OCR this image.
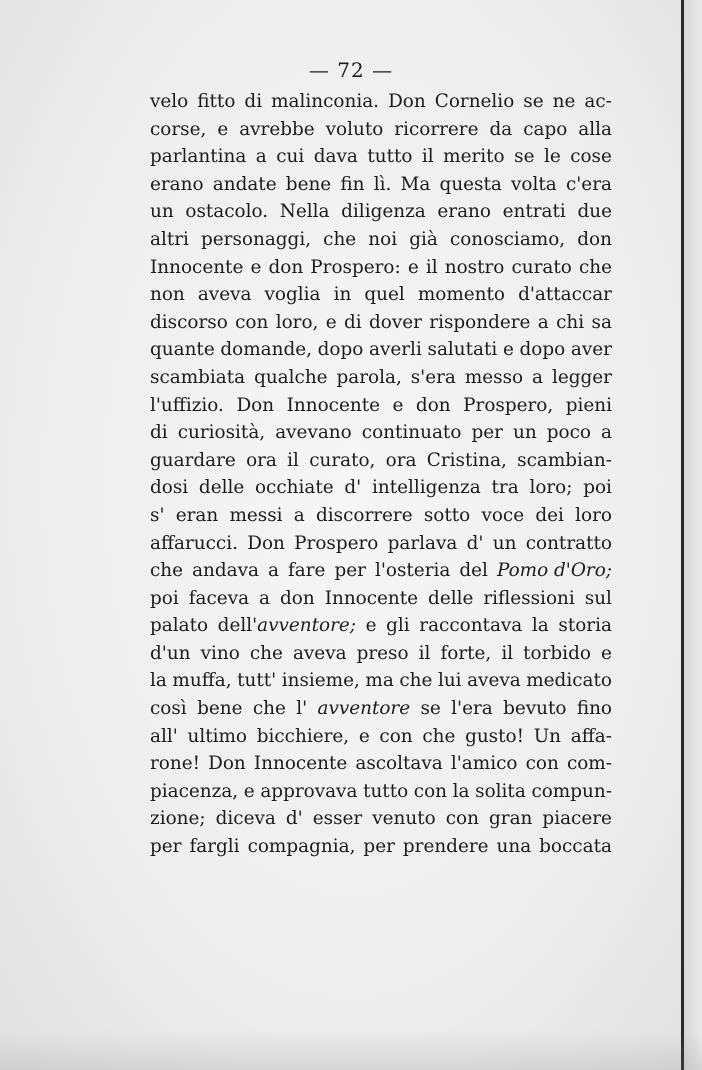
— 72 —
velo fitto di malinconia. Don Cornelio se ne ac-
corse, e avrebbe voluto ricorrere da capo alla
parlantina a cui dava tutto il merito se le cose
erano andate bene fin lì. Ma questa volta c'era
un ostacolo. Nella diligenza erano entrati due
altri personaggi, che noi già conosciamo, don
Innocente e don Prospero: e il nostro curato che
non aveva voglia in quel momento d'attaccar
discorso con loro, e di dover rispondere a chi sa
quante domande, dopo averli salutati e dopo aver
scambiata qualche parola, s'era messo a legger
l'uffizio. Don Innocente e don Prospero, pieni
di curiosità, avevano continuato per un poco a
guardare ora il curato, ora Cristina, scambian-
dosi delle occhiate d' intelligenza tra loro; poi
s' eran messi a discorrere sotto voce dei loro
affarucci. Don Prospero parlava d' un contratto
che andava a fare per l'osteria del Pomo d'Oro;
poi faceva a don Innocente delle riflessioni sul
palato dell'avventore; e gli raccontava la storia
d'un vino che aveva preso il forte, il torbido e
la muffa, tutt' insieme, ma che lui aveva medicato
così bene che l' avventore se l'era bevuto fino
all' ultimo bicchiere, e con che gusto! Un affa-
rone! Don Innocente ascoltava l'amico con com-
piacenza, e approvava tutto con la solita compun-
zione; diceva d' esser venuto con gran piacere
per fargli compagnia, per prendere una boccata
